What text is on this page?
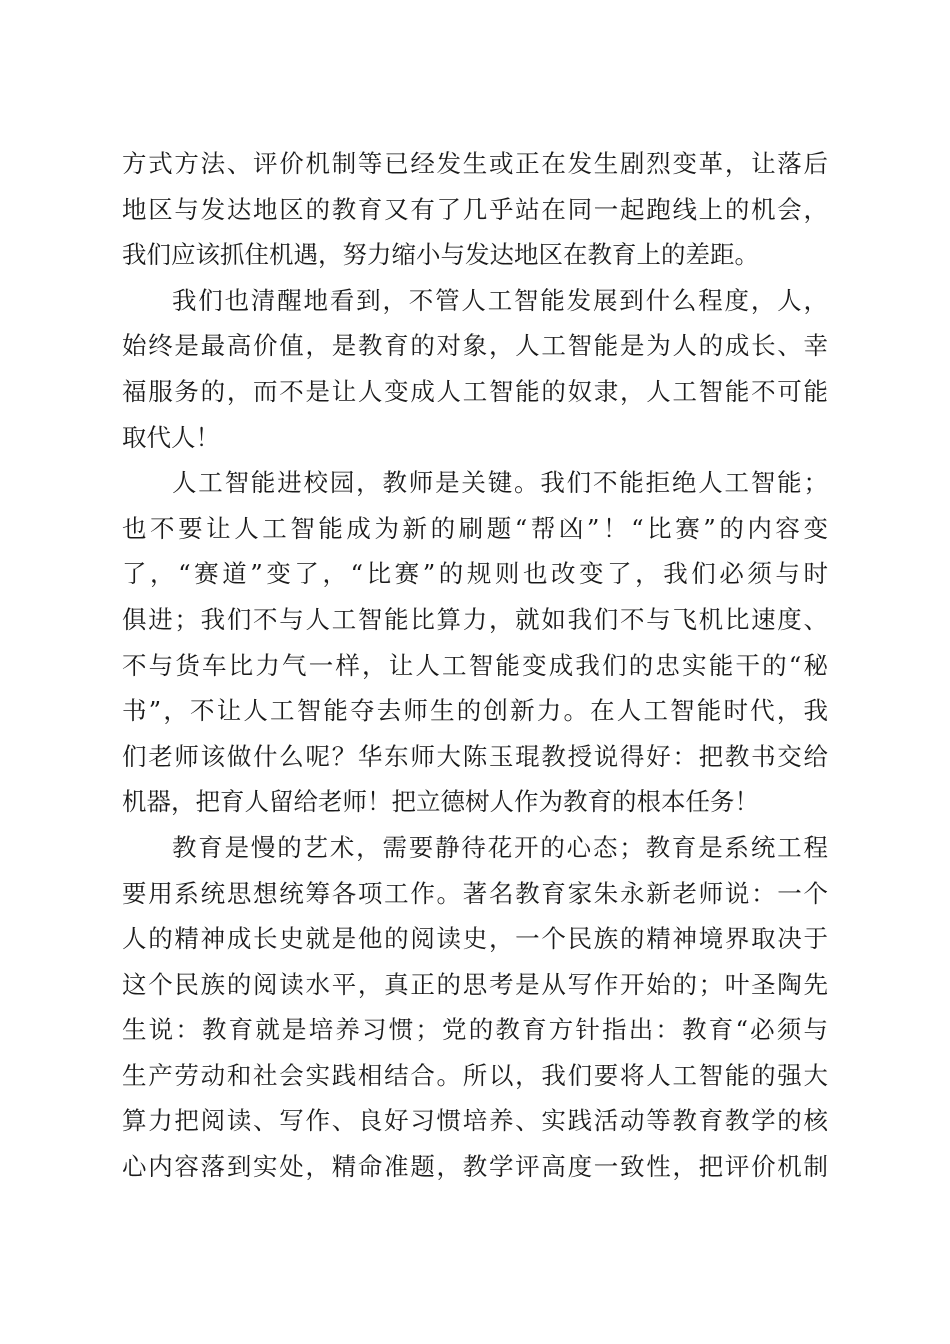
方式方法、评价机制等已经发生或正在发生剧烈变革，让落后
地区与发达地区的教育又有了几乎站在同一起跑线上的机会，
我们应该抓住机遇，努力缩小与发达地区在教育上的差距。
我们也清醒地看到，不管人工智能发展到什么程度，人，
始终是最高价值，是教育的对象，人工智能是为人的成长、幸
福服务的，而不是让人变成人工智能的奴隶，人工智能不可能
取代人！
人工智能进校园，教师是关键。我们不能拒绝人工智能；
也不要让人工智能成为新的刷题“帮凶”！“比赛”的内容变
了，“赛道”变了，“比赛”的规则也改变了，我们必须与时
俱进；我们不与人工智能比算力，就如我们不与飞机比速度、
不与货车比力气一样，让人工智能变成我们的忠实能干的“秘
书”，不让人工智能夺去师生的创新力。在人工智能时代，我
们老师该做什么呢？华东师大陈玉琨教授说得好：把教书交给
机器，把育人留给老师！把立德树人作为教育的根本任务！
教育是慢的艺术，需要静待花开的心态；教育是系统工程
要用系统思想统筹各项工作。著名教育家朱永新老师说：一个
人的精神成长史就是他的阅读史，一个民族的精神境界取决于
这个民族的阅读水平，真正的思考是从写作开始的；叶圣陶先
生说：教育就是培养习惯；党的教育方针指出：教育“必须与
生产劳动和社会实践相结合。所以，我们要将人工智能的强大
算力把阅读、写作、良好习惯培养、实践活动等教育教学的核
心内容落到实处，精命准题，教学评高度一致性，把评价机制
